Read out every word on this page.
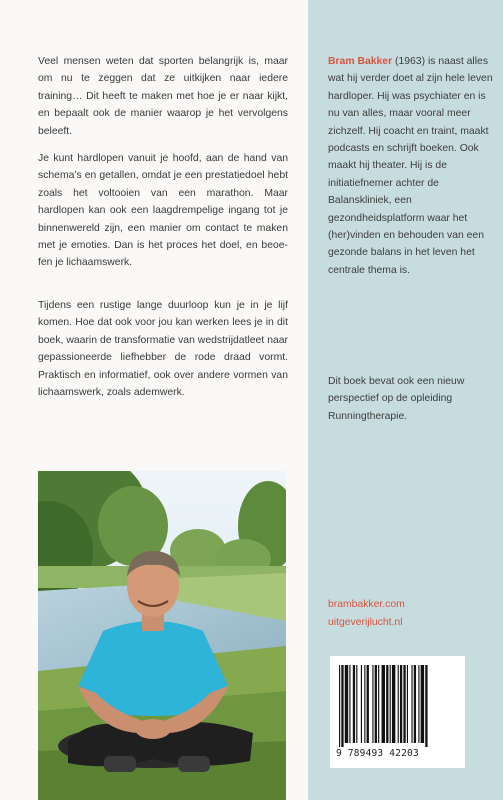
Veel mensen weten dat sporten belangrijk is, maar om nu te zeggen dat ze uitkijken naar iedere training… Dit heeft te maken met hoe je er naar kijkt, en bepaalt ook de manier waarop je het vervolgens beleeft.

Je kunt hardlopen vanuit je hoofd, aan de hand van schema’s en getallen, omdat je een prestatiedoel hebt zoals het voltooien van een marathon. Maar hardlopen kan ook een laagdrempelige ingang tot je binnenwereld zijn, een manier om contact te maken met je emoties. Dan is het proces het doel, en beoe-fen je lichaamswerk.

Tijdens een rustige lange duurloop kun je in je lijf komen. Hoe dat ook voor jou kan werken lees je in dit boek, waarin de transformatie van wedstrijdatleet naar gepassioneerde liefhebber de rode draad vormt. Praktisch en informatief, ook over andere vormen van lichaamswerk, zoals ademwerk.

Bram Bakker (1963) is naast alles wat hij verder doet al zijn hele leven hardloper. Hij was psychiater en is nu van alles, maar vooral meer zichzelf. Hij coacht en traint, maakt podcasts en schrijft boeken. Ook maakt hij theater. Hij is de initiatiefnemer achter de Balanskliniek, een gezondheidsplatform waar het (her)vinden en behouden van een gezonde balans in het leven het centrale thema is.

Dit boek bevat ook een nieuw perspectief op de opleiding Runningtherapie.

brambakker.com
uitgeverijlucht.nl
9 789493 42203
